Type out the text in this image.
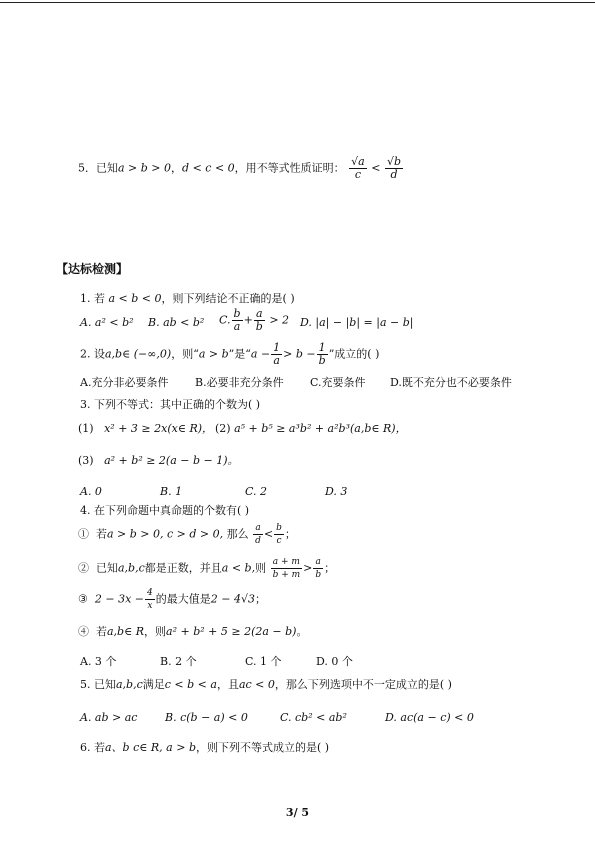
5．已知a > b > 0，d < c < 0，用不等式性质证明： $\frac{√a}{c} < \frac{√b}{d}$
【达标检测】
1. 若 a < b < 0，则下列结论不正确的是( )
A. a² < b² B. ab < b² C. $\frac{b}{a} + \frac{a}{b} > 2$ D. |a| − |b| = |a − b|
2. 设a,b∈ (−∞,0)，则“a > b”是“$a - \frac{1}{a} > b - \frac{1}{b}$ ”成立的( )
A.充分非必要条件 B.必要非充分条件 C.充要条件 D.既不充分也不必要条件
3. 下列不等式：其中正确的个数为( )
(1) x² + 3 ≥ 2x(x∈ R)， (2) a⁵ + b⁵ ≥ a³b² + a²b³(a,b∈ R)，
(3) a² + b² ≥ 2(a − b − 1)。
A. 0	B. 1	C. 2	D. 3
4. 在下列命题中真命题的个数有( )
① 若a > b > 0, c > d > 0, 那么 $\frac{a}{d} < \frac{b}{c}$ ；
② 已知a,b,c都是正数，并且a < b,则 $\frac{a + m}{b + m} > \frac{a}{b}$ ；
③ $2 - 3x - \frac{4}{x}$ 的最大值是2 − 4√3；
④ 若a,b∈ R，则a² + b² + 5 ≥ 2(2a − b)。
A. 3 个	B. 2 个	C. 1 个	D. 0 个
5. 已知a,b,c满足c < b < a，且ac < 0，那么下列选项中不一定成立的是( )
A. ab > ac	B. c(b − a) < 0	C. cb² < ab²	D. ac(a − c) < 0
6. 若a、b c∈ R, a > b，则下列不等式成立的是( )
3/ 5
